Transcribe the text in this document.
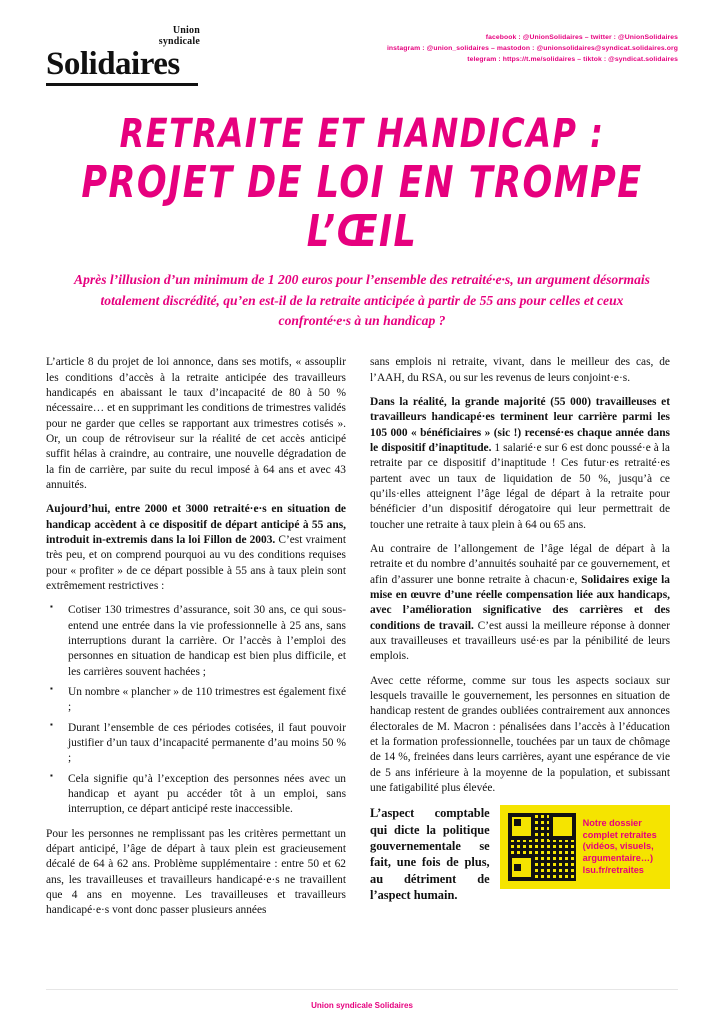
Union
syndicale
Solidaires
facebook : @UnionSolidaires – twitter : @UnionSolidaires
instagram : @union_solidaires – mastodon : @unionsolidaires@syndicat.solidaires.org
telegram : https://t.me/solidaires – tiktok : @syndicat.solidaires
RETRAITE ET HANDICAP :
PROJET DE LOI EN TROMPE L’ŒIL
Après l’illusion d’un minimum de 1 200 euros pour l’ensemble des retraité·e·s, un argument désormais totalement discrédité, qu’en est-il de la retraite anticipée à partir de 55 ans pour celles et ceux confronté·e·s à un handicap ?

L’article 8 du projet de loi annonce, dans ses motifs, « assouplir les conditions d’accès à la retraite anticipée des travailleurs handicapés en abaissant le taux d’incapacité de 80 à 50 % nécessaire… et en supprimant les conditions de trimestres validés pour ne garder que celles se rapportant aux trimestres cotisés ». Or, un coup de rétroviseur sur la réalité de cet accès anticipé suffit hélas à craindre, au contraire, une nouvelle dégradation de la fin de carrière, par suite du recul imposé à 64 ans et avec 43 annuités.

Aujourd’hui, entre 2000 et 3000 retraité·e·s en situation de handicap accèdent à ce dispositif de départ anticipé à 55 ans, introduit in-extremis dans la loi Fillon de 2003. C’est vraiment très peu, et on comprend pourquoi au vu des conditions requises pour « profiter » de ce départ possible à 55 ans à taux plein sont extrêmement restrictives :

▪ Cotiser 130 trimestres d’assurance, soit 30 ans, ce qui sous-entend une entrée dans la vie professionnelle à 25 ans, sans interruptions durant la carrière. Or l’accès à l’emploi des personnes en situation de handicap est bien plus difficile, et les carrières souvent hachées ;
▪ Un nombre « plancher » de 110 trimestres est également fixé ;
▪ Durant l’ensemble de ces périodes cotisées, il faut pouvoir justifier d’un taux d’incapacité permanente d’au moins 50 % ;
▪ Cela signifie qu’à l’exception des personnes nées avec un handicap et ayant pu accéder tôt à un emploi, sans interruption, ce départ anticipé reste inaccessible.

Pour les personnes ne remplissant pas les critères permettant un départ anticipé, l’âge de départ à taux plein est gracieusement décalé de 64 à 62 ans. Problème supplémentaire : entre 50 et 62 ans, les travailleuses et travailleurs handicapé·e·s ne travaillent que 4 ans en moyenne. Les travailleuses et travailleurs handicapé·e·s vont donc passer plusieurs années

sans emplois ni retraite, vivant, dans le meilleur des cas, de l’AAH, du RSA, ou sur les revenus de leurs conjoint·e·s.

Dans la réalité, la grande majorité (55 000) travailleuses et travailleurs handicapé·es terminent leur carrière parmi les 105 000 « bénéficiaires » (sic !) recensé·es chaque année dans le dispositif d’inaptitude. 1 salarié·e sur 6 est donc poussé·e à la retraite par ce dispositif d’inaptitude ! Ces futur·es retraité·es partent avec un taux de liquidation de 50 %, jusqu’à ce qu’ils·elles atteignent l’âge légal de départ à la retraite pour bénéficier d’un dispositif dérogatoire qui leur permettrait de toucher une retraite à taux plein à 64 ou 65 ans.

Au contraire de l’allongement de l’âge légal de départ à la retraite et du nombre d’annuités souhaité par ce gouvernement, et afin d’assurer une bonne retraite à chacun·e, Solidaires exige la mise en œuvre d’une réelle compensation liée aux handicaps, avec l’amélioration significative des carrières et des conditions de travail. C’est aussi la meilleure réponse à donner aux travailleuses et travailleurs usé·es par la pénibilité de leurs emplois.

Avec cette réforme, comme sur tous les aspects sociaux sur lesquels travaille le gouvernement, les personnes en situation de handicap restent de grandes oubliées contrairement aux annonces électorales de M. Macron : pénalisées dans l’accès à l’éducation et la formation professionnelle, touchées par un taux de chômage de 14 %, freinées dans leurs carrières, ayant une espérance de vie de 5 ans inférieure à la moyenne de la population, et subissant une fatigabilité plus élevée.

L’aspect comptable qui dicte la politique gouvernementale se fait, une fois de plus, au détriment de l’aspect humain.
Notre dossier
complet retraites
(vidéos, visuels,
argumentaire…)
lsu.fr/retraites
Union syndicale Solidaires
